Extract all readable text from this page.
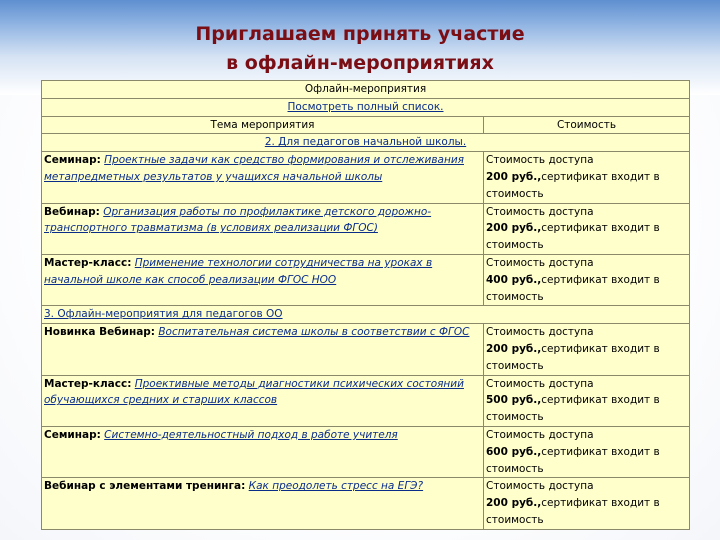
Приглашаем принять участие
в офлайн-мероприятиях
Офлайн-мероприятия	
Посмотреть полный список.	
Тема мероприятия	Стоимость
2. Для педагогов начальной школы.	
Семинар: Проектные задачи как средство формирования и отслеживания метапредметных результатов у учащихся начальной школы	Стоимость доступа
200 руб.,сертификат входит в
стоимость
Вебинар: Организация работы по профилактике детского дорожно-транспортного травматизма (в условиях реализации ФГОС)	Стоимость доступа
200 руб.,сертификат входит в
стоимость
Мастер-класс: Применение технологии сотрудничества на уроках в начальной школе как способ реализации ФГОС НОО	Стоимость доступа
400 руб.,сертификат входит в
стоимость
3. Офлайн-мероприятия для педагогов ОО	
Новинка Вебинар: Воспитательная система школы в соответствии с ФГОС	Стоимость доступа
200 руб.,сертификат входит в
стоимость
Мастер-класс: Проективные методы диагностики психических состояний обучающихся средних и старших классов	Стоимость доступа
500 руб.,сертификат входит в
стоимость
Семинар: Системно-деятельностный подход в работе учителя	Стоимость доступа
600 руб.,сертификат входит в
стоимость
Вебинар с элементами тренинга: Как преодолеть стресс на ЕГЭ?	Стоимость доступа
200 руб.,сертификат входит в
стоимость
